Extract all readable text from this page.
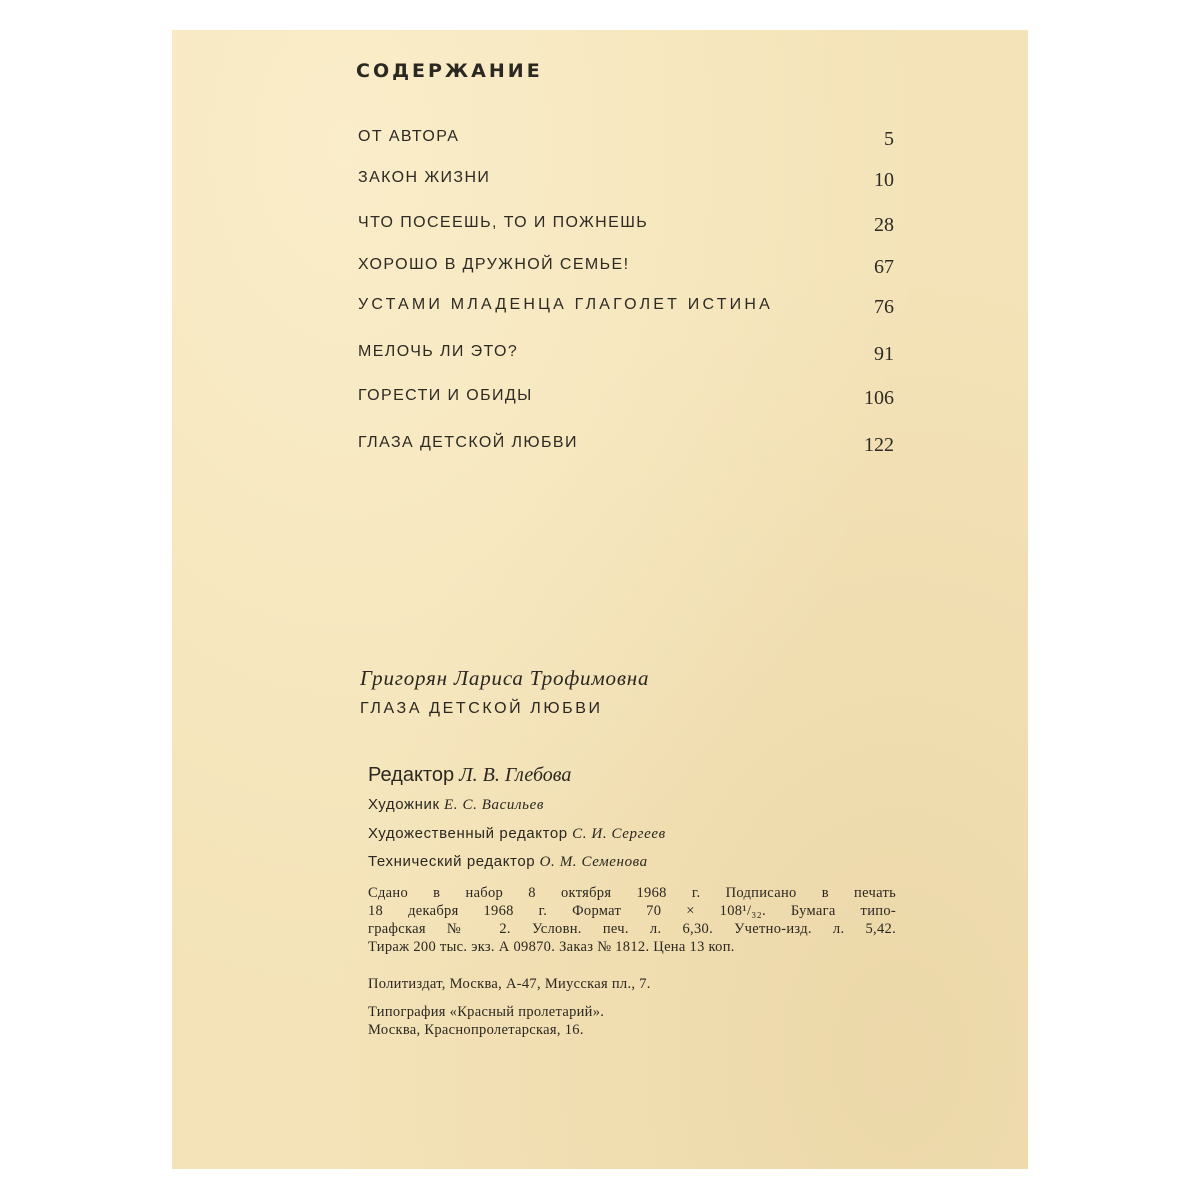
СОДЕРЖАНИЕ
ОТ АВТОРА	5
ЗАКОН ЖИЗНИ	10
ЧТО ПОСЕЕШЬ, ТО И ПОЖНЕШЬ	28
ХОРОШО В ДРУЖНОЙ СЕМЬЕ!	67
УСТАМИ МЛАДЕНЦА ГЛАГОЛЕТ ИСТИНА	76
МЕЛОЧЬ ЛИ ЭТО?	91
ГОРЕСТИ И ОБИДЫ	106
ГЛАЗА ДЕТСКОЙ ЛЮБВИ	122
Григорян Лариса Трофимовна
ГЛАЗА ДЕТСКОЙ ЛЮБВИ
Редактор Л. В. Глебова
Художник Е. С. Васильев
Художественный редактор С. И. Сергеев
Технический редактор О. М. Семенова
Сдано в набор 8 октября 1968 г. Подписано в печать
18 декабря 1968 г. Формат 70 × 108¹/₃₂. Бумага типо-
графская № 2. Условн. печ. л. 6,30. Учетно-изд. л. 5,42.
Тираж 200 тыс. экз. А 09870. Заказ № 1812. Цена 13 коп.
Политиздат, Москва, А-47, Миусская пл., 7.
Типография «Красный пролетарий».
Москва, Краснопролетарская, 16.
